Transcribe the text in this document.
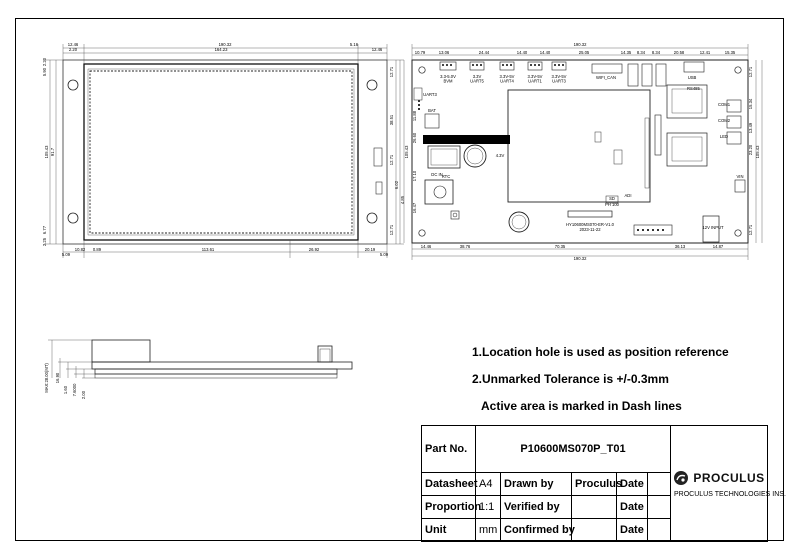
2.20
190.32
12.46
164.23
5.16
12.46
5.09
10.82 0.89	113.61	26.92	20.19
5.09
2.20
5.90
105.43 91.7
6.77
2.25
12.71
38.51
12.71
6.02
4.85
12.71
190.32
10.79	13.06	24.44	14.40	14.40	25.05	14.35 8.34 8.34	20.58	12.41	15.35
14.46	38.76	70.35	36.13	14.87
190.32
11.88
26.60
105.43
17.10
16.47
12.71
15.34
13.49
23.20 105.43
12.71
3.3-5.0V BVM
3.3V UART5
3.3V-5V UART4
3.3V-5V UART1
3.3V-5V UART3
WIFI_CAN	USB
UART3
BAT
RTC
DC IN
COM1
COM2
LED
12V INPUT
VIN
HY10600MS070-ER-V1.0
2023-11-22
4.3V
ADI
SD
PH 100
RS485
MAX:28.00(MT) 16.90
1.60 7.6000 2.00
1.Location hole is used as position reference
2.Unmarked Tolerance is +/-0.3mm
Active area is marked in Dash lines
Part No.	P10600MS070P_T01					PROCULUS
PROCULUS TECHNOLOGIES INS.

Datasheet	A4	Drawn by	Proculus	Date		
Proportion	1:1	Verified by		Date		
Unit	mm	Confirmed by		Date		
